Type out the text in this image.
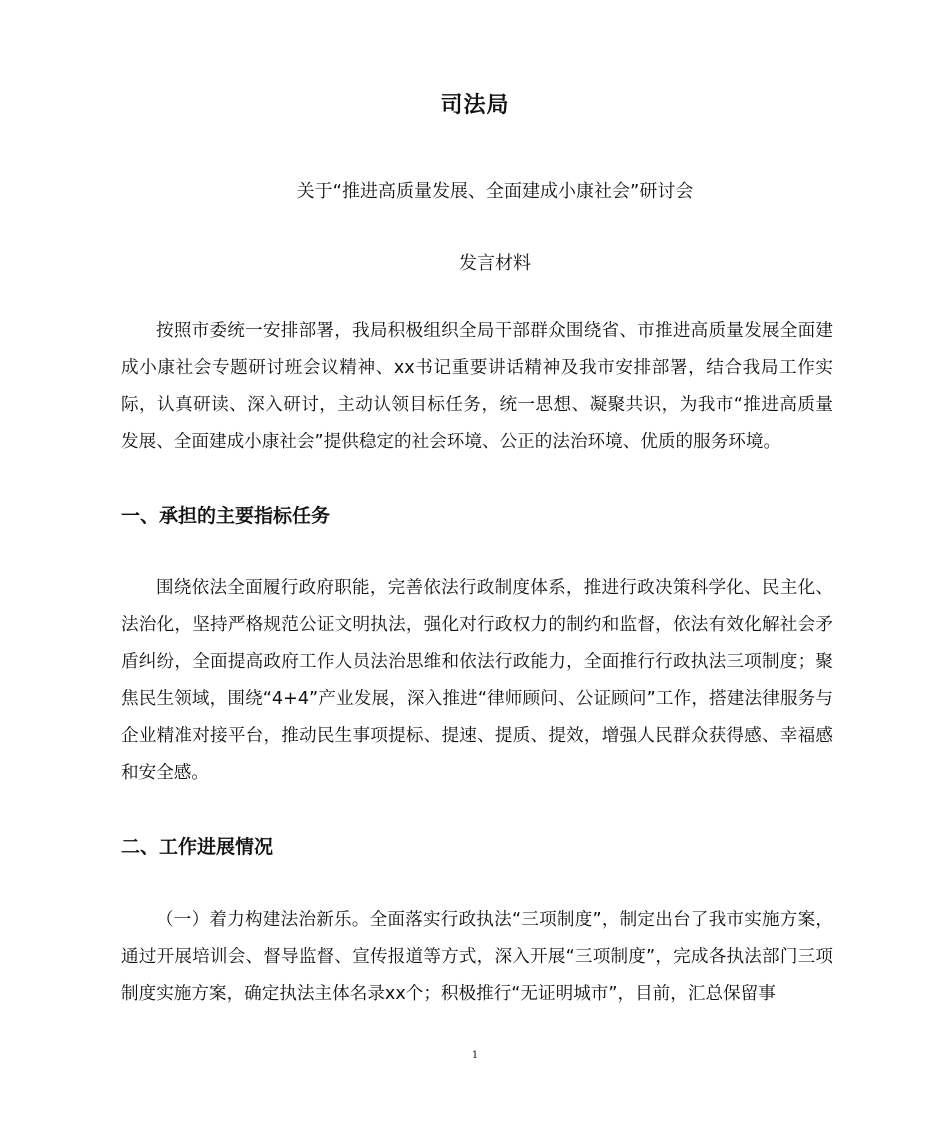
司法局
关于“推进高质量发展、全面建成小康社会”研讨会
发言材料

按照市委统一安排部署，我局积极组织全局干部群众围绕省、市推进高质量发展全面建成小康社会专题研讨班会议精神、xx书记重要讲话精神及我市安排部署，结合我局工作实际，认真研读、深入研讨，主动认领目标任务，统一思想、凝聚共识，为我市“推进高质量发展、全面建成小康社会”提供稳定的社会环境、公正的法治环境、优质的服务环境。

一、承担的主要指标任务

围绕依法全面履行政府职能，完善依法行政制度体系，推进行政决策科学化、民主化、法治化，坚持严格规范公证文明执法，强化对行政权力的制约和监督，依法有效化解社会矛盾纠纷，全面提高政府工作人员法治思维和依法行政能力，全面推行行政执法三项制度；聚焦民生领域，围绕“4+4”产业发展，深入推进“律师顾问、公证顾问”工作，搭建法律服务与企业精准对接平台，推动民生事项提标、提速、提质、提效，增强人民群众获得感、幸福感和安全感。

二、工作进展情况

（一）着力构建法治新乐。全面落实行政执法“三项制度”，制定出台了我市实施方案，通过开展培训会、督导监督、宣传报道等方式，深入开展“三项制度”，完成各执法部门三项制度实施方案，确定执法主体名录xx个；积极推行“无证明城市”，目前，汇总保留事

1
